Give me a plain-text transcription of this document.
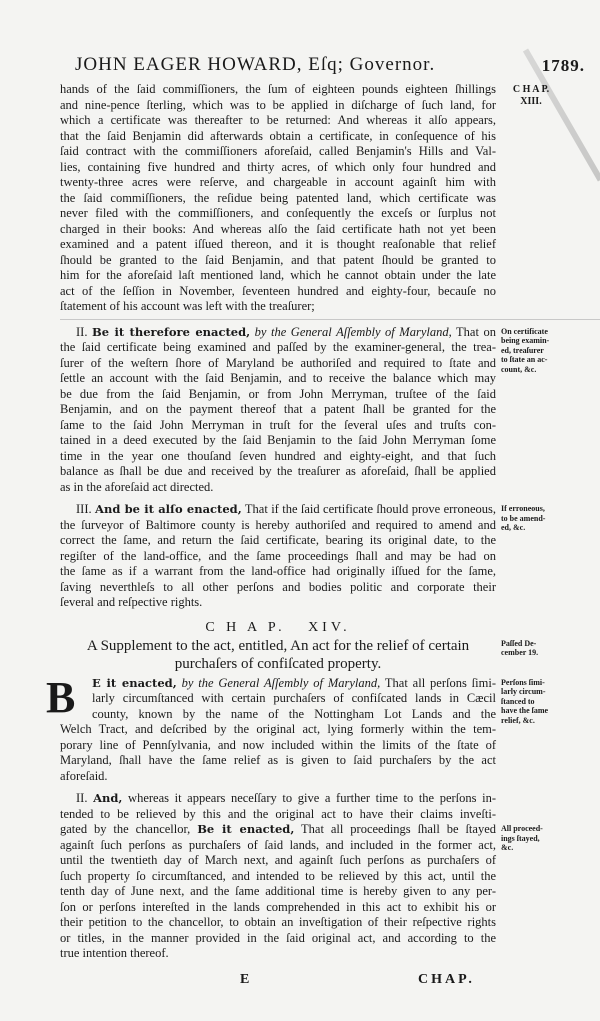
JOHN EAGER HOWARD, Eſq; Governor.	1789.
hands of the ſaid commiſſioners, the ſum of eighteen pounds eighteen ſhillings
and nine-pence ſterling, which was to be applied in diſcharge of ſuch land, for
which a certificate was thereafter to be returned: And whereas it alſo appears,
that the ſaid Benjamin did afterwards obtain a certificate, in conſequence of his
ſaid contract with the commiſſioners aforeſaid, called Benjamin's Hills and Val-
lies, containing five hundred and thirty acres, of which only four hundred and
twenty-three acres were reſerve, and chargeable in account againſt him with
the ſaid commiſſioners, the reſidue being patented land, which certificate was
never filed with the commiſſioners, and conſequently the exceſs or ſurplus not
charged in their books: And whereas alſo the ſaid certificate hath not yet been
examined and a patent iſſued thereon, and it is thought reaſonable that relief
ſhould be granted to the ſaid Benjamin, and that patent ſhould be granted to
him for the aforeſaid laſt mentioned land, which he cannot obtain under the late
act of the ſeſſion in November, ſeventeen hundred and eighty-four, becauſe no
ſtatement of his account was left with the treaſurer;
C H A P.
XIII.
II. Be it therefore enacted, by the General Aſſembly of Maryland, That on
the ſaid certificate being examined and paſſed by the examiner-general, the trea-
ſurer of the weſtern ſhore of Maryland be authoriſed and required to ſtate and
ſettle an account with the ſaid Benjamin, and to receive the balance which may
be due from the ſaid Benjamin, or from John Merryman, truſtee of the ſaid
Benjamin, and on the payment thereof that a patent ſhall be granted for the
ſame to the ſaid John Merryman in truſt for the ſeveral uſes and truſts con-
tained in a deed executed by the ſaid Benjamin to the ſaid John Merryman ſome
time in the year one thouſand ſeven hundred and eighty-eight, and that ſuch
balance as ſhall be due and received by the treaſurer as aforeſaid, ſhall be applied
as in the aforeſaid act directed.
On certificate
being examin-
ed, treaſurer
to ſtate an ac-
count, &c.
III. And be it alſo enacted, That if the ſaid certificate ſhould prove erroneous,
the ſurveyor of Baltimore county is hereby authoriſed and required to amend and
correct the ſame, and return the ſaid certificate, bearing its original date, to the
regiſter of the land-office, and the ſame proceedings ſhall and may be had on
the ſame as if a warrant from the land-office had originally iſſued for the ſame,
ſaving neverthleſs to all other perſons and bodies politic and corporate their
ſeveral and reſpective rights.
If erroneous,
to be amend-
ed, &c.
C H A P.   XIV.
A Supplement to the act, entitled, An act for the relief of certain
purchaſers of confiſcated property.
Paſſed De-
cember 19.
B	E it enacted, by the General Aſſembly of Maryland, That all perſons ſimi-
larly circumſtanced with certain purchaſers of confiſcated lands in Cæcil
county, known by the name of the Nottingham Lot Lands and the
Welch Tract, and deſcribed by the original act, lying formerly within the tem-
porary line of Pennſylvania, and now included within the limits of the ſtate of
Maryland, ſhall have the ſame relief as is given to ſaid purchaſers by the act
aforeſaid.
Perſons ſimi-
larly circum-
ſtanced to
have the ſame
relief, &c.
II. And, whereas it appears neceſſary to give a further time to the perſons in-
tended to be relieved by this and the original act to have their claims inveſti-
gated by the chancellor, Be it enacted, That all proceedings ſhall be ſtayed
againſt ſuch perſons as purchaſers of ſaid lands, and included in the former act,
until the twentieth day of March next, and againſt ſuch perſons as purchaſers of
ſuch property ſo circumſtanced, and intended to be relieved by this act, until the
tenth day of June next, and the ſame additional time is hereby given to any per-
ſon or perſons intereſted in the lands comprehended in this act to exhibit his or
their petition to the chancellor, to obtain an inveſtigation of their reſpective rights
or titles, in the manner provided in the ſaid original act, and according to the
true intention thereof.
All proceed-
ings ſtayed,
&c.
E	CHAP.
